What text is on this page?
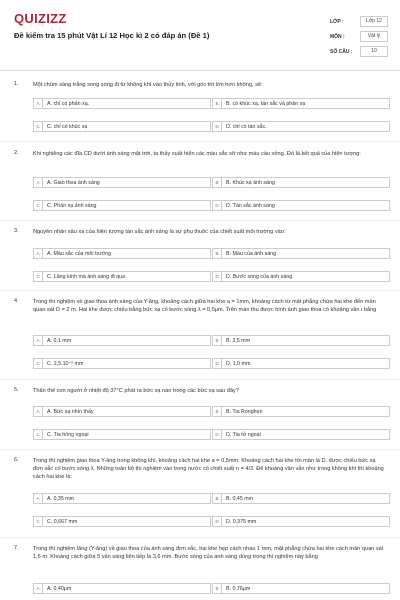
QUIZIZZ
Đề kiểm tra 15 phút Vật Lí 12 Học kì 2 có đáp án (Đề 1)
LỚP :	Lớp 12
MÔN :	Vật lý
SỐ CÂU :	10
1.	Một chùm sáng trắng song song đi từ không khí vào thủy tinh, với góc tới lớn hơn không, sẽ:
A	A. chỉ có phản xạ.	B	B. có khúc xạ, tán sắc và phản xạ
C	C. chỉ có khúc xạ	D	D. chỉ có tán sắc.
2.	Khi nghiêng các đĩa CD dưới ánh sáng mặt trời, ta thấy xuất hiện các màu sắc sỡ như màu cầu vồng. Đó là kết quả của hiện tượng:
A	A. Giao thoa ánh sáng	B	B. Khúc xạ ánh sáng
C	C. Phản xạ ánh sáng	D	D. Tán sắc ánh sáng
3.	Nguyên nhân sâu xa của hiện tượng tán sắc ánh sáng là sự phụ thuộc của chiết suất môi trường vào:
A	A. Màu sắc của môi trường	B	B. Màu của ánh sáng
C	C. Lăng kính mà ánh sáng đi qua	D	D. Bước sóng của ánh sáng
4.	Trong thí nghiệm về giao thoa ánh sáng của Y-âng, khoảng cách giữa hai khe a = 1mm, khoảng cách từ mặt phẳng chứa hai khe đến màn quan sát D = 2 m. Hai khe được chiếu bằng bức xạ có bước sóng λ = 0,5μm. Trên màn thu được hình ảnh giao thoa có khoảng vân i bằng
A	A. 0,1 mm	B	B. 2,5 mm
C	C. 2,5.10⁻² mm	D	D. 1,0 mm
5.	Thân thể con người ở nhiệt độ 37°C phát ra bức xạ nào trong các bức xạ sau đây?
A	A. Bức xạ nhìn thấy	B	B. Tia Ronghen
C	C. Tia hồng ngoại	D	D. Tia tử ngoại
6.	Trong thí nghiệm giao thoa Y-âng trong không khí, khoảng cách hai khe a = 0,5mm. Khoảng cách hai khe tới màn là D, được chiếu bức xạ đơn sắc có bước sóng λ. Những toàn bộ thí nghiệm vào trong nước có chiết suất n = 4/3. Để khoảng vân vẫn như trong không khí thì khoảng cách hai khe là:
A	A. 0,35 mm	B	B. 0,45 mm
C	C. 0,667 mm	D	D. 0,375 mm
7.	Trong thí nghiệm Iâng (Y-âng) về giao thoa của ánh sáng đơn sắc, hai khe hẹp cách nhau 1 mm, mặt phẳng chứa hai khe cách màn quan sát 1,5 m. Khoảng cách giữa 5 vân sáng liên tiếp là 3,6 mm. Bước sóng của ánh sáng dùng trong thí nghiệm này bằng
A	A. 0,40μm	B	B. 0,76μm
